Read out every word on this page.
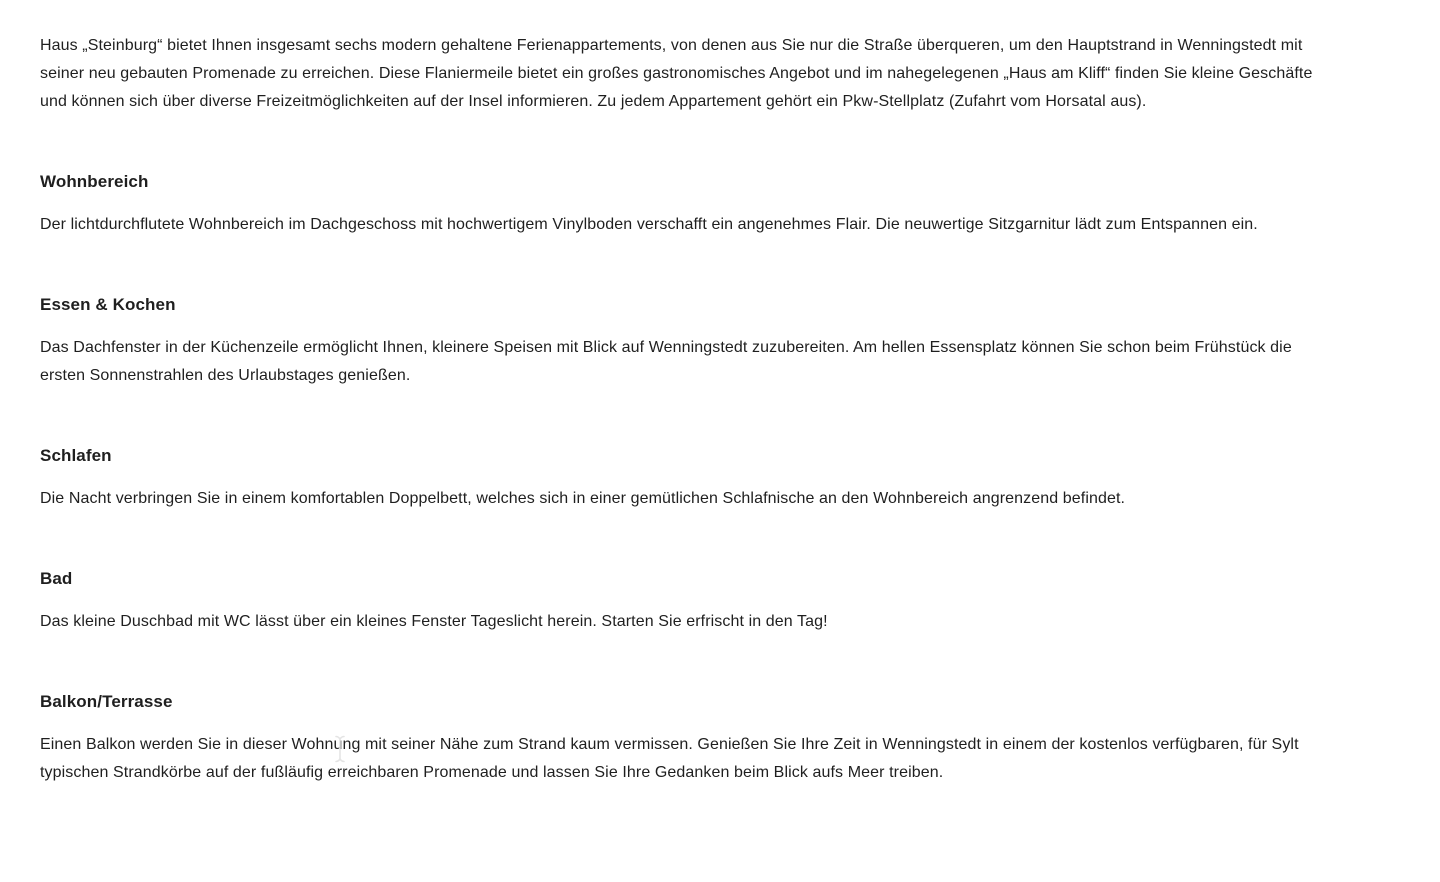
Haus „Steinburg“ bietet Ihnen insgesamt sechs modern gehaltene Ferienappartements, von denen aus Sie nur die Straße überqueren, um den Hauptstrand in Wenningstedt mit seiner neu gebauten Promenade zu erreichen. Diese Flaniermeile bietet ein großes gastronomisches Angebot und im nahegelegenen „Haus am Kliff“ finden Sie kleine Geschäfte und können sich über diverse Freizeitmöglichkeiten auf der Insel informieren. Zu jedem Appartement gehört ein Pkw-Stellplatz (Zufahrt vom Horsatal aus).

Wohnbereich

Der lichtdurchflutete Wohnbereich im Dachgeschoss mit hochwertigem Vinylboden verschafft ein angenehmes Flair. Die neuwertige Sitzgarnitur lädt zum Entspannen ein.

Essen & Kochen

Das Dachfenster in der Küchenzeile ermöglicht Ihnen, kleinere Speisen mit Blick auf Wenningstedt zuzubereiten. Am hellen Essensplatz können Sie schon beim Frühstück die ersten Sonnenstrahlen des Urlaubstages genießen.

Schlafen

Die Nacht verbringen Sie in einem komfortablen Doppelbett, welches sich in einer gemütlichen Schlafnische an den Wohnbereich angrenzend befindet.

Bad

Das kleine Duschbad mit WC lässt über ein kleines Fenster Tageslicht herein. Starten Sie erfrischt in den Tag!

Balkon/Terrasse

Einen Balkon werden Sie in dieser Wohnung mit seiner Nähe zum Strand kaum vermissen. Genießen Sie Ihre Zeit in Wenningstedt in einem der kostenlos verfügbaren, für Sylt typischen Strandkörbe auf der fußläufig erreichbaren Promenade und lassen Sie Ihre Gedanken beim Blick aufs Meer treiben.
